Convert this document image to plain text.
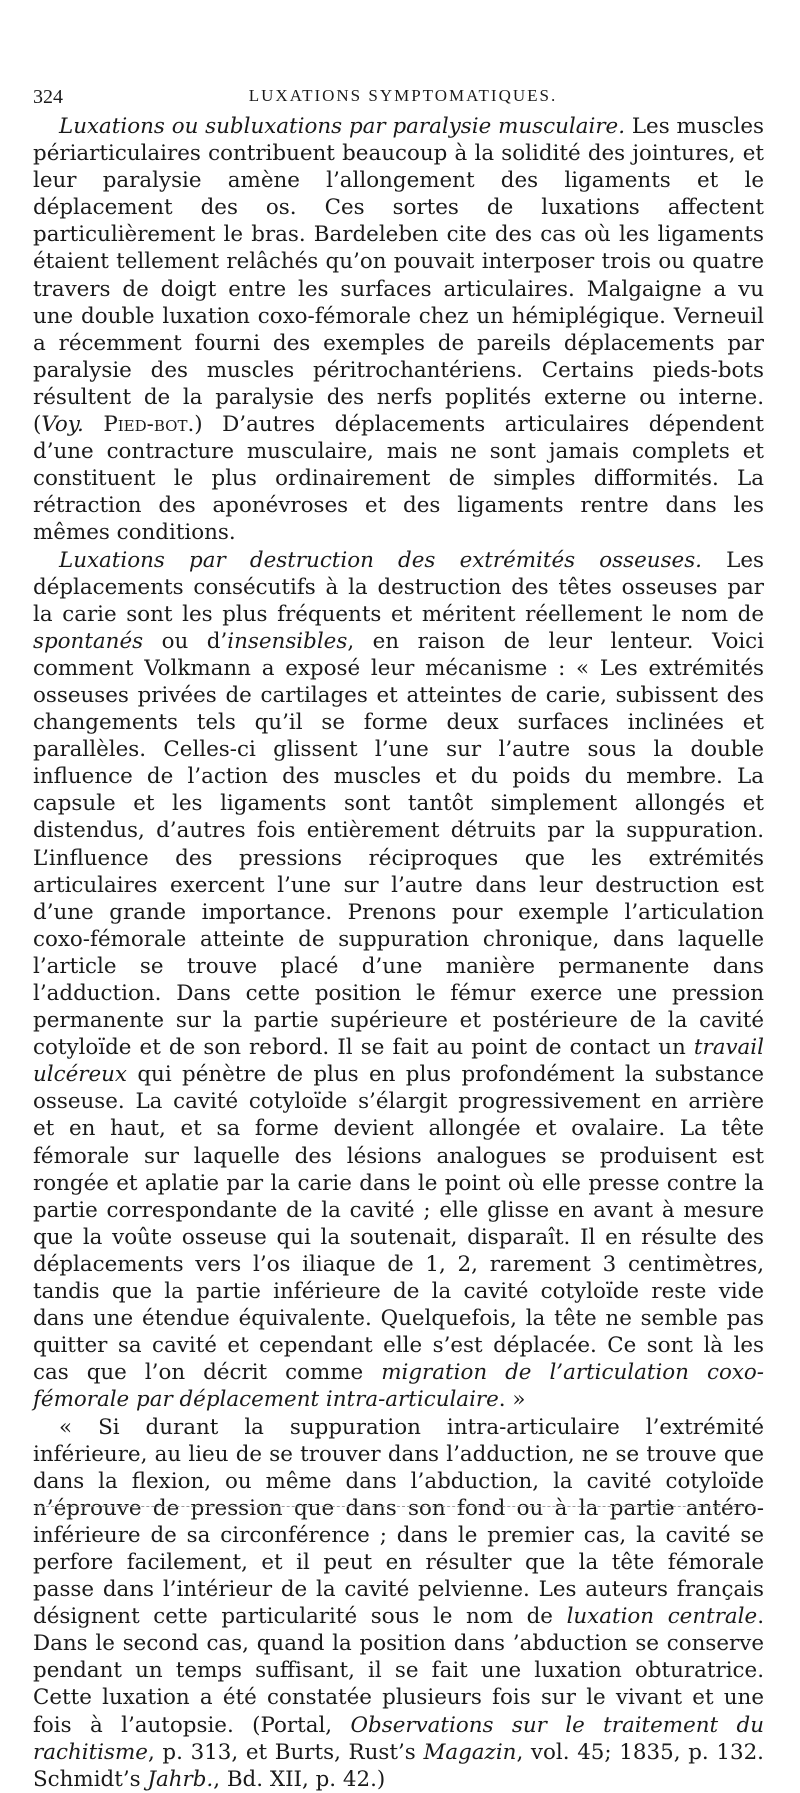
324	LUXATIONS SYMPTOMATIQUES.

Luxations ou subluxations par paralysie musculaire. Les muscles périarticulaires contribuent beaucoup à la solidité des jointures, et leur paralysie amène l’allongement des ligaments et le déplacement des os. Ces sortes de luxations affectent particulièrement le bras. Bardeleben cite des cas où les ligaments étaient tellement relâchés qu’on pouvait interposer trois ou quatre travers de doigt entre les surfaces articulaires. Malgaigne a vu une double luxation coxo-fémorale chez un hémiplégique. Verneuil a récemment fourni des exemples de pareils déplacements par paralysie des muscles péritrochantériens. Certains pieds-bots résultent de la paralysie des nerfs poplités externe ou interne. (Voy. Pied-bot.) D’autres déplacements articulaires dépendent d’une contracture musculaire, mais ne sont jamais complets et constituent le plus ordinairement de simples difformités. La rétraction des aponévroses et des ligaments rentre dans les mêmes conditions.

Luxations par destruction des extrémités osseuses. Les déplacements consécutifs à la destruction des têtes osseuses par la carie sont les plus fréquents et méritent réellement le nom de spontanés ou d’insensibles, en raison de leur lenteur. Voici comment Volkmann a exposé leur mécanisme : « Les extrémités osseuses privées de cartilages et atteintes de carie, subissent des changements tels qu’il se forme deux surfaces inclinées et parallèles. Celles-ci glissent l’une sur l’autre sous la double influence de l’action des muscles et du poids du membre. La capsule et les ligaments sont tantôt simplement allongés et distendus, d’autres fois entièrement détruits par la suppuration. L’influence des pressions réciproques que les extrémités articulaires exercent l’une sur l’autre dans leur destruction est d’une grande importance. Prenons pour exemple l’articulation coxo-fémorale atteinte de suppuration chronique, dans laquelle l’article se trouve placé d’une manière permanente dans l’adduction. Dans cette position le fémur exerce une pression permanente sur la partie supérieure et postérieure de la cavité cotyloïde et de son rebord. Il se fait au point de contact un travail ulcéreux qui pénètre de plus en plus profondément la substance osseuse. La cavité cotyloïde s’élargit progressivement en arrière et en haut, et sa forme devient allongée et ovalaire. La tête fémorale sur laquelle des lésions analogues se produisent est rongée et aplatie par la carie dans le point où elle presse contre la partie correspondante de la cavité ; elle glisse en avant à mesure que la voûte osseuse qui la soutenait, disparaît. Il en résulte des déplacements vers l’os iliaque de 1, 2, rarement 3 centimètres, tandis que la partie inférieure de la cavité cotyloïde reste vide dans une étendue équivalente. Quelquefois, la tête ne semble pas quitter sa cavité et cependant elle s’est déplacée. Ce sont là les cas que l’on décrit comme migration de l’articulation coxo-fémorale par déplacement intra-articulaire. »

« Si durant la suppuration intra-articulaire l’extrémité inférieure, au lieu de se trouver dans l’adduction, ne se trouve que dans la flexion, ou même dans l’abduction, la cavité cotyloïde n’éprouve de pression que dans son fond ou à la partie antéro-inférieure de sa circonférence ; dans le premier cas, la cavité se perfore facilement, et il peut en résulter que la tête fémorale passe dans l’intérieur de la cavité pelvienne. Les auteurs français désignent cette particularité sous le nom de luxation centrale. Dans le second cas, quand la position dans ’abduction se conserve pendant un temps suffisant, il se fait une luxation obturatrice. Cette luxation a été constatée plusieurs fois sur le vivant et une fois à l’autopsie. (Portal, Observations sur le traitement du rachitisme, p. 313, et Burts, Rust’s Magazin, vol. 45; 1835, p. 132. Schmidt’s Jahrb., Bd. XII, p. 42.)
